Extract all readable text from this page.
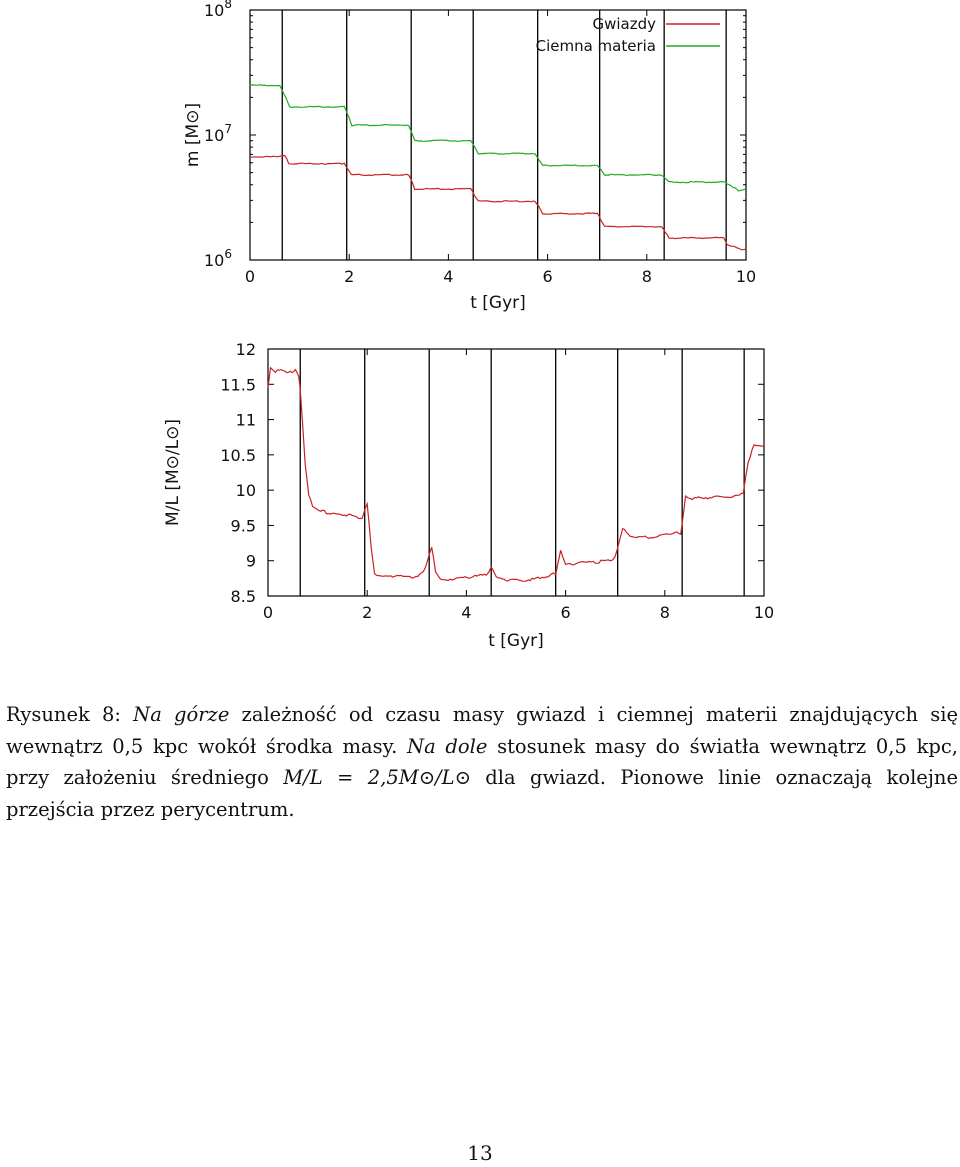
0	2	4	6	8	10
$10^8$
$10^7$
$10^6$
t [Gyr]
m [M⊙]
Gwiazdy
Ciemna materia
0	2	4	6	8	10
12
11.5
11
10.5
10
9.5
9
8.5
t [Gyr]
M/L [M⊙/L⊙]
Rysunek 8: Na górze zależność od czasu masy gwiazd i ciemnej materii znajdujących się wewnątrz 0,5 kpc wokół środka masy. Na dole stosunek masy do światła wewnątrz 0,5 kpc, przy założeniu średniego M/L = 2,5M⊙/L⊙ dla gwiazd. Pionowe linie oznaczają kolejne przejścia przez perycentrum.
13
